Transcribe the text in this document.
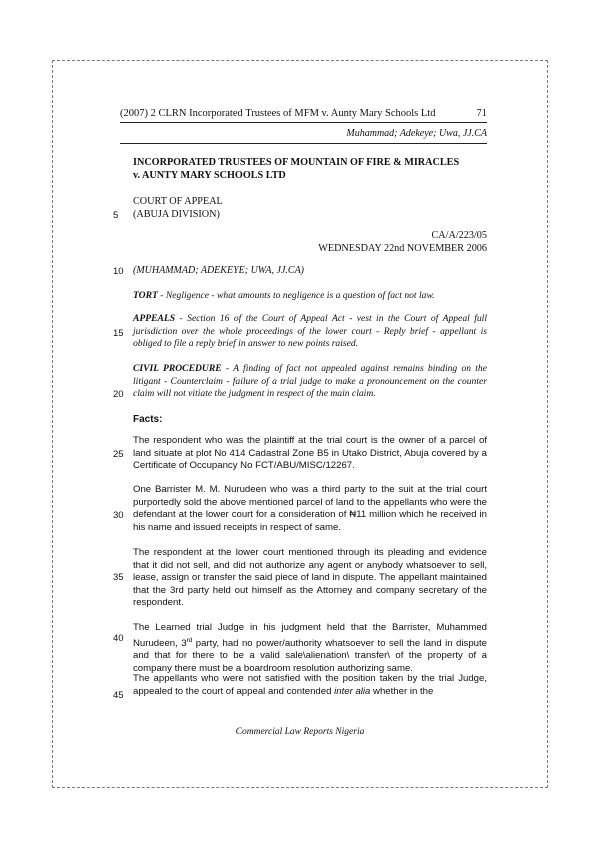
(2007) 2 CLRN Incorporated Trustees of MFM v. Aunty Mary Schools Ltd	71
Muhammad; Adekeye; Uwa, JJ.CA
INCORPORATED TRUSTEES OF MOUNTAIN OF FIRE & MIRACLES
v. AUNTY MARY SCHOOLS LTD
COURT OF APPEAL
(ABUJA DIVISION)
CA/A/223/05
WEDNESDAY 22nd NOVEMBER 2006
(MUHAMMAD; ADEKEYE; UWA, JJ.CA)
TORT - Negligence - what amounts to negligence is a question of fact not law.
APPEALS - Section 16 of the Court of Appeal Act - vest in the Court of Appeal full jurisdiction over the whole proceedings of the lower court - Reply brief - appellant is obliged to file a reply brief in answer to new points raised.
CIVIL PROCEDURE - A finding of fact not appealed against remains binding on the litigant - Counterclaim - failure of a trial judge to make a pronouncement on the counter claim will not vitiate the judgment in respect of the main claim.
Facts:
The respondent who was the plaintiff at the trial court is the owner of a parcel of land situate at plot No 414 Cadastral Zone B5 in Utako District, Abuja covered by a Certificate of Occupancy No FCT/ABU/MISC/12267.
One Barrister M. M. Nurudeen who was a third party to the suit at the trial court purportedly sold the above mentioned parcel of land to the appellants who were the defendant at the lower court for a consideration of ₦11 million which he received in his name and issued receipts in respect of same.
The respondent at the lower court mentioned through its pleading and evidence that it did not sell, and did not authorize any agent or anybody whatsoever to sell, lease, assign or transfer the said piece of land in dispute. The appellant maintained that the 3rd party held out himself as the Attorney and company secretary of the respondent.
The Learned trial Judge in his judgment held that the Barrister, Muhammed Nurudeen, 3rd party, had no power/authority whatsoever to sell the land in dispute and that for there to be a valid sale\alienation\ transfer\ of the property of a company there must be a boardroom resolution authorizing same.
The appellants who were not satisfied with the position taken by the trial Judge, appealed to the court of appeal and contended inter alia whether in the
5
10
15
20
25
30
35
40
45
Commercial Law Reports Nigeria
